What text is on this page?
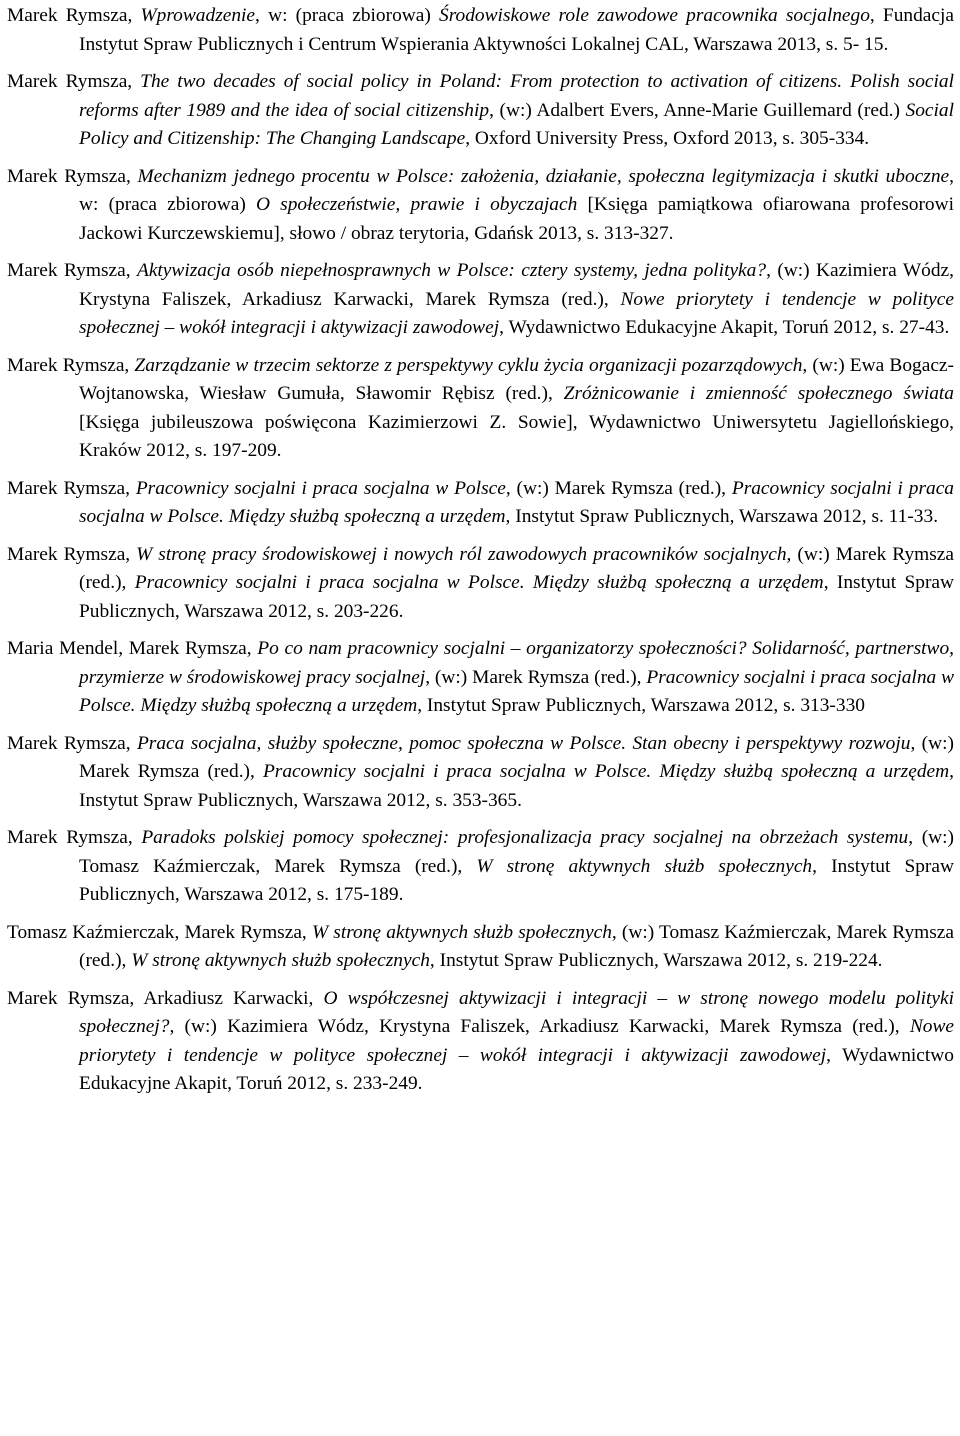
Marek Rymsza, Wprowadzenie, w: (praca zbiorowa) Środowiskowe role zawodowe pracownika socjalnego, Fundacja Instytut Spraw Publicznych i Centrum Wspierania Aktywności Lokalnej CAL, Warszawa 2013, s. 5- 15.

Marek Rymsza, The two decades of social policy in Poland: From protection to activation of citizens. Polish social reforms after 1989 and the idea of social citizenship, (w:) Adalbert Evers, Anne-Marie Guillemard (red.) Social Policy and Citizenship: The Changing Landscape, Oxford University Press, Oxford 2013, s. 305-334.

Marek Rymsza, Mechanizm jednego procentu w Polsce: założenia, działanie, społeczna legitymizacja i skutki uboczne, w: (praca zbiorowa) O społeczeństwie, prawie i obyczajach [Księga pamiątkowa ofiarowana profesorowi Jackowi Kurczewskiemu], słowo / obraz terytoria, Gdańsk 2013, s. 313-327.

Marek Rymsza, Aktywizacja osób niepełnosprawnych w Polsce: cztery systemy, jedna polityka?, (w:) Kazimiera Wódz, Krystyna Faliszek, Arkadiusz Karwacki, Marek Rymsza (red.), Nowe priorytety i tendencje w polityce społecznej – wokół integracji i aktywizacji zawodowej, Wydawnictwo Edukacyjne Akapit, Toruń 2012, s. 27-43.

Marek Rymsza, Zarządzanie w trzecim sektorze z perspektywy cyklu życia organizacji pozarządowych, (w:) Ewa Bogacz-Wojtanowska, Wiesław Gumuła, Sławomir Rębisz (red.), Zróżnicowanie i zmienność społecznego świata [Księga jubileuszowa poświęcona Kazimierzowi Z. Sowie], Wydawnictwo Uniwersytetu Jagiellońskiego, Kraków 2012, s. 197-209.

Marek Rymsza, Pracownicy socjalni i praca socjalna w Polsce, (w:) Marek Rymsza (red.), Pracownicy socjalni i praca socjalna w Polsce. Między służbą społeczną a urzędem, Instytut Spraw Publicznych, Warszawa 2012, s. 11-33.

Marek Rymsza, W stronę pracy środowiskowej i nowych ról zawodowych pracowników socjalnych, (w:) Marek Rymsza (red.), Pracownicy socjalni i praca socjalna w Polsce. Między służbą społeczną a urzędem, Instytut Spraw Publicznych, Warszawa 2012, s. 203-226.

Maria Mendel, Marek Rymsza, Po co nam pracownicy socjalni – organizatorzy społeczności? Solidarność, partnerstwo, przymierze w środowiskowej pracy socjalnej, (w:) Marek Rymsza (red.), Pracownicy socjalni i praca socjalna w Polsce. Między służbą społeczną a urzędem, Instytut Spraw Publicznych, Warszawa 2012, s. 313-330

Marek Rymsza, Praca socjalna, służby społeczne, pomoc społeczna w Polsce. Stan obecny i perspektywy rozwoju, (w:) Marek Rymsza (red.), Pracownicy socjalni i praca socjalna w Polsce. Między służbą społeczną a urzędem, Instytut Spraw Publicznych, Warszawa 2012, s. 353-365.

Marek Rymsza, Paradoks polskiej pomocy społecznej: profesjonalizacja pracy socjalnej na obrzeżach systemu, (w:) Tomasz Kaźmierczak, Marek Rymsza (red.), W stronę aktywnych służb społecznych, Instytut Spraw Publicznych, Warszawa 2012, s. 175-189.

Tomasz Kaźmierczak, Marek Rymsza, W stronę aktywnych służb społecznych, (w:) Tomasz Kaźmierczak, Marek Rymsza (red.), W stronę aktywnych służb społecznych, Instytut Spraw Publicznych, Warszawa 2012, s. 219-224.

Marek Rymsza, Arkadiusz Karwacki, O współczesnej aktywizacji i integracji – w stronę nowego modelu polityki społecznej?, (w:) Kazimiera Wódz, Krystyna Faliszek, Arkadiusz Karwacki, Marek Rymsza (red.), Nowe priorytety i tendencje w polityce społecznej – wokół integracji i aktywizacji zawodowej, Wydawnictwo Edukacyjne Akapit, Toruń 2012, s. 233-249.
